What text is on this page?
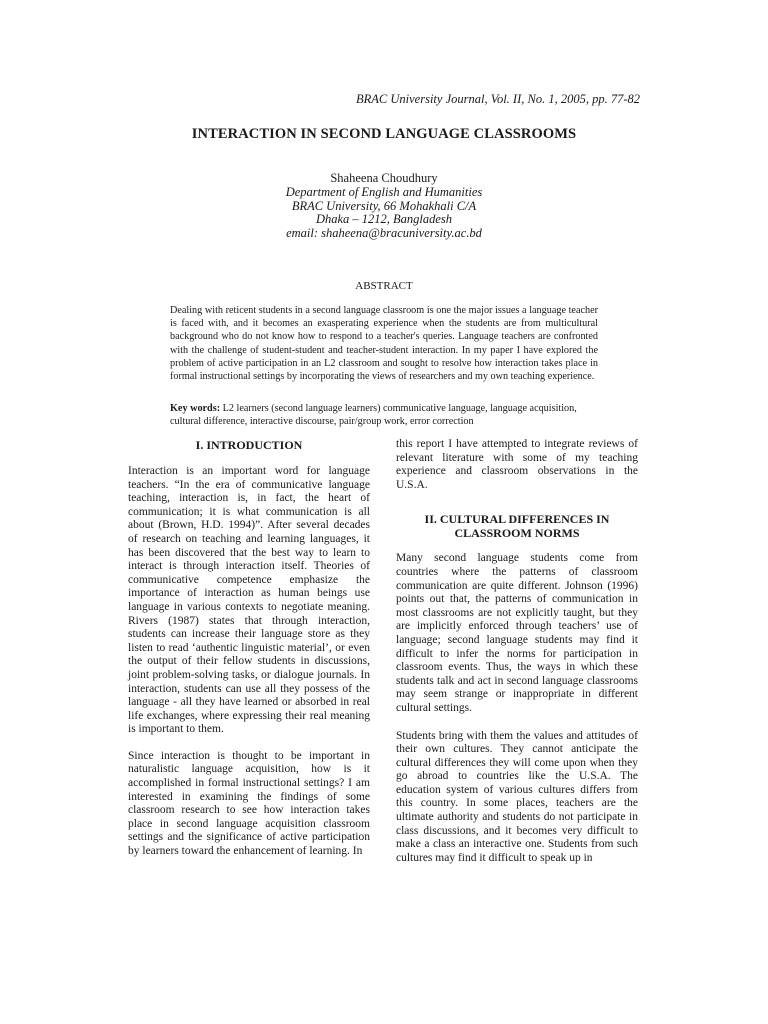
BRAC University Journal, Vol. II, No. 1, 2005, pp. 77-82
INTERACTION IN SECOND LANGUAGE CLASSROOMS
Shaheena Choudhury
Department of English and Humanities
BRAC University, 66 Mohakhali C/A
Dhaka – 1212, Bangladesh
email: shaheena@bracuniversity.ac.bd
ABSTRACT
Dealing with reticent students in a second language classroom is one the major issues a language teacher is faced with, and it becomes an exasperating experience when the students are from multicultural background who do not know how to respond to a teacher's queries. Language teachers are confronted with the challenge of student-student and teacher-student interaction. In my paper I have explored the problem of active participation in an L2 classroom and sought to resolve how interaction takes place in formal instructional settings by incorporating the views of researchers and my own teaching experience.
Key words: L2 learners (second language learners) communicative language, language acquisition, cultural difference, interactive discourse, pair/group work, error correction
I. INTRODUCTION

Interaction is an important word for language teachers. “In the era of communicative language teaching, interaction is, in fact, the heart of communication; it is what communication is all about (Brown, H.D. 1994)”. After several decades of research on teaching and learning languages, it has been discovered that the best way to learn to interact is through interaction itself. Theories of communicative competence emphasize the importance of interaction as human beings use language in various contexts to negotiate meaning. Rivers (1987) states that through interaction, students can increase their language store as they listen to read ‘authentic linguistic material’, or even the output of their fellow students in discussions, joint problem-solving tasks, or dialogue journals. In interaction, students can use all they possess of the language - all they have learned or absorbed in real life exchanges, where expressing their real meaning is important to them.

Since interaction is thought to be important in naturalistic language acquisition, how is it accomplished in formal instructional settings? I am interested in examining the findings of some classroom research to see how interaction takes place in second language acquisition classroom settings and the significance of active participation by learners toward the enhancement of learning. In

this report I have attempted to integrate reviews of relevant literature with some of my teaching experience and classroom observations in the U.S.A.

II. CULTURAL DIFFERENCES IN
CLASSROOM NORMS

Many second language students come from countries where the patterns of classroom communication are quite different. Johnson (1996) points out that, the patterns of communication in most classrooms are not explicitly taught, but they are implicitly enforced through teachers’ use of language; second language students may find it difficult to infer the norms for participation in classroom events. Thus, the ways in which these students talk and act in second language classrooms may seem strange or inappropriate in different cultural settings.

Students bring with them the values and attitudes of their own cultures. They cannot anticipate the cultural differences they will come upon when they go abroad to countries like the U.S.A. The education system of various cultures differs from this country. In some places, teachers are the ultimate authority and students do not participate in class discussions, and it becomes very difficult to make a class an interactive one. Students from such cultures may find it difficult to speak up in
